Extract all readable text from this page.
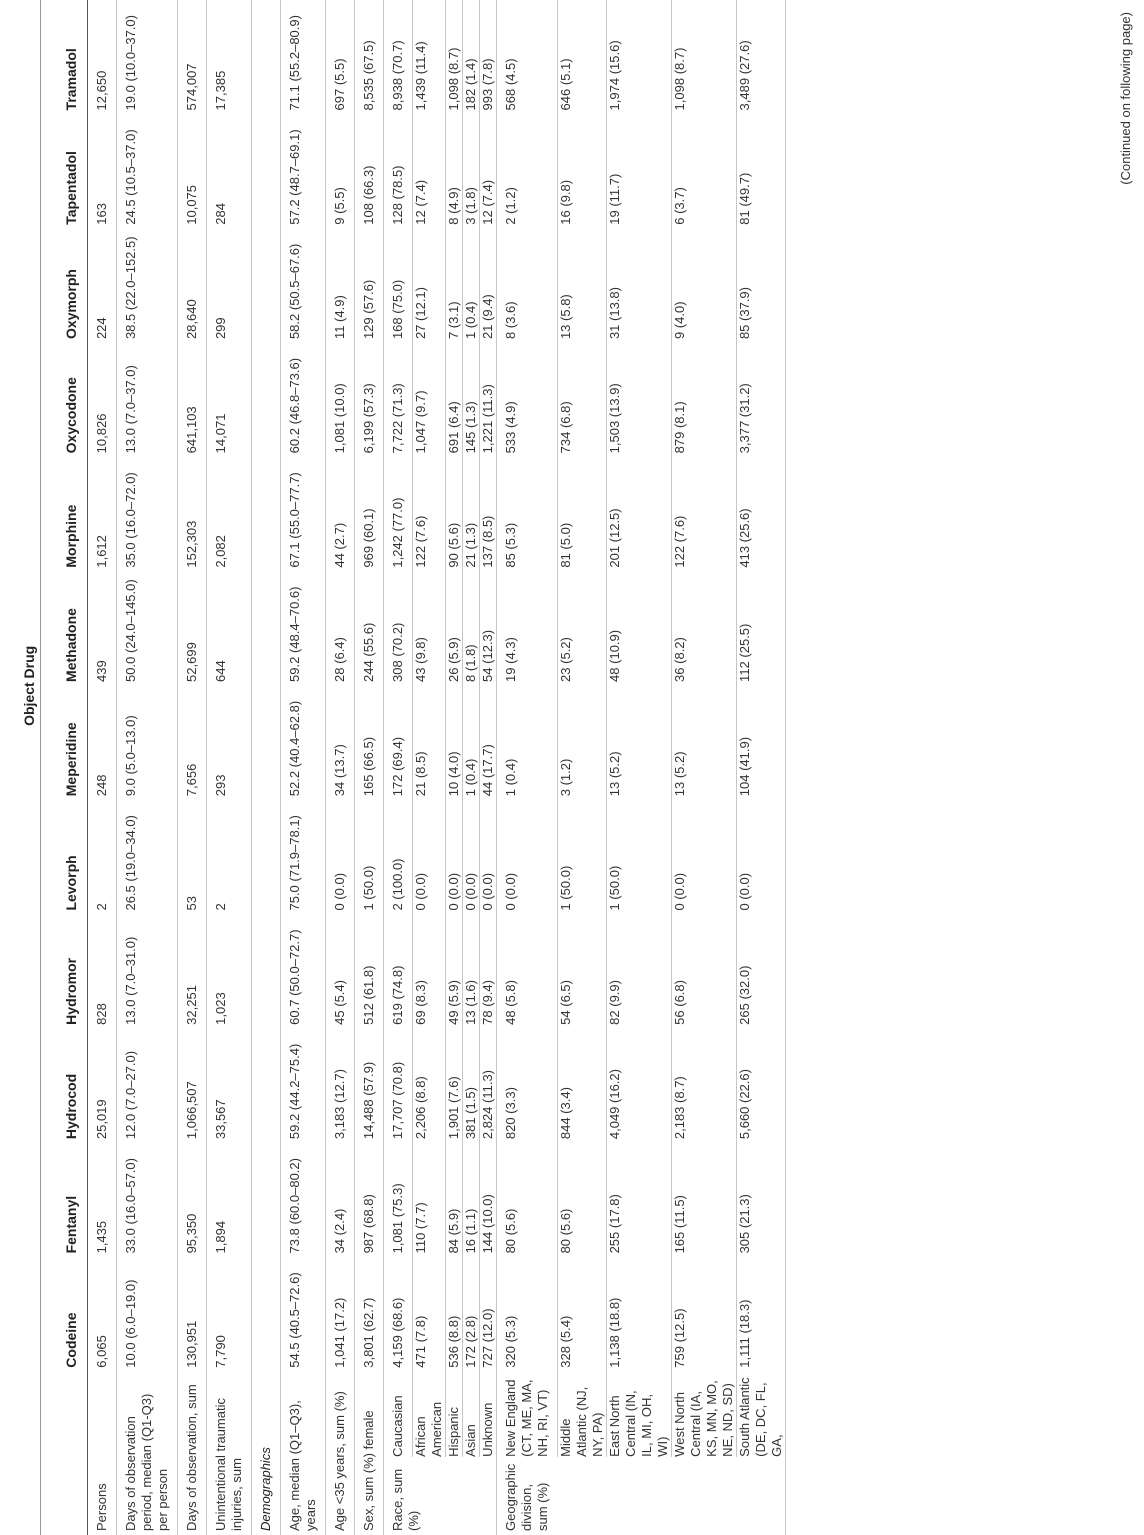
		Object Drug											
		Codeine	Fentanyl	Hydrocod	Hydromor	Levorph	Meperidine	Methadone	Morphine	Oxycodone	Oxymorph	Tapentadol	Tramadol
Persons		6,065	1,435	25,019	828	2	248	439	1,612	10,826	224	163	12,650
Days of observation period, median (Q1-Q3) per person		10.0 (6.0–19.0)	33.0 (16.0–57.0)	12.0 (7.0–27.0)	13.0 (7.0–31.0)	26.5 (19.0–34.0)	9.0 (5.0–13.0)	50.0 (24.0–145.0)	35.0 (16.0–72.0)	13.0 (7.0–37.0)	38.5 (22.0–152.5)	24.5 (10.5–37.0)	19.0 (10.0–37.0)
Days of observation, sum		130,951	95,350	1,066,507	32,251	53	7,656	52,699	152,303	641,103	28,640	10,075	574,007
Unintentional traumatic injuries, sum		7,790	1,894	33,567	1,023	2	293	644	2,082	14,071	299	284	17,385
Demographics													
Age, median (Q1–Q3), years		54.5 (40.5–72.6)	73.8 (60.0–80.2)	59.2 (44.2–75.4)	60.7 (50.0–72.7)	75.0 (71.9–78.1)	52.2 (40.4–62.8)	59.2 (48.4–70.6)	67.1 (55.0–77.7)	60.2 (46.8–73.6)	58.2 (50.5–67.6)	57.2 (48.7–69.1)	71.1 (55.2–80.9)
Age <35 years, sum (%)		1,041 (17.2)	34 (2.4)	3,183 (12.7)	45 (5.4)	0 (0.0)	34 (13.7)	28 (6.4)	44 (2.7)	1,081 (10.0)	11 (4.9)	9 (5.5)	697 (5.5)
Sex, sum (%) female		3,801 (62.7)	987 (68.8)	14,488 (57.9)	512 (61.8)	1 (50.0)	165 (66.5)	244 (55.6)	969 (60.1)	6,199 (57.3)	129 (57.6)	108 (66.3)	8,535 (67.5)
Race, sum (%)	Caucasian	4,159 (68.6)	1,081 (75.3)	17,707 (70.8)	619 (74.8)	2 (100.0)	172 (69.4)	308 (70.2)	1,242 (77.0)	7,722 (71.3)	168 (75.0)	128 (78.5)	8,938 (70.7)
	African American	471 (7.8)	110 (7.7)	2,206 (8.8)	69 (8.3)	0 (0.0)	21 (8.5)	43 (9.8)	122 (7.6)	1,047 (9.7)	27 (12.1)	12 (7.4)	1,439 (11.4)
	Hispanic	536 (8.8)	84 (5.9)	1,901 (7.6)	49 (5.9)	0 (0.0)	10 (4.0)	26 (5.9)	90 (5.6)	691 (6.4)	7 (3.1)	8 (4.9)	1,098 (8.7)
	Asian	172 (2.8)	16 (1.1)	381 (1.5)	13 (1.6)	0 (0.0)	1 (0.4)	8 (1.8)	21 (1.3)	145 (1.3)	1 (0.4)	3 (1.8)	182 (1.4)
	Unknown	727 (12.0)	144 (10.0)	2,824 (11.3)	78 (9.4)	0 (0.0)	44 (17.7)	54 (12.3)	137 (8.5)	1,221 (11.3)	21 (9.4)	12 (7.4)	993 (7.8)
Geographic division, sum (%)	New England (CT, ME, MA, NH, RI, VT)	320 (5.3)	80 (5.6)	820 (3.3)	48 (5.8)	0 (0.0)	1 (0.4)	19 (4.3)	85 (5.3)	533 (4.9)	8 (3.6)	2 (1.2)	568 (4.5)
	Middle Atlantic (NJ, NY, PA)	328 (5.4)	80 (5.6)	844 (3.4)	54 (6.5)	1 (50.0)	3 (1.2)	23 (5.2)	81 (5.0)	734 (6.8)	13 (5.8)	16 (9.8)	646 (5.1)
	East North Central (IN, IL, MI, OH, WI)	1,138 (18.8)	255 (17.8)	4,049 (16.2)	82 (9.9)	1 (50.0)	13 (5.2)	48 (10.9)	201 (12.5)	1,503 (13.9)	31 (13.8)	19 (11.7)	1,974 (15.6)
	West North Central (IA, KS, MN, MO, NE, ND, SD)	759 (12.5)	165 (11.5)	2,183 (8.7)	56 (6.8)	0 (0.0)	13 (5.2)	36 (8.2)	122 (7.6)	879 (8.1)	9 (4.0)	6 (3.7)	1,098 (8.7)
	South Atlantic (DE, DC, FL, GA,	1,111 (18.3)	305 (21.3)	5,660 (22.6)	265 (32.0)	0 (0.0)	104 (41.9)	112 (25.5)	413 (25.6)	3,377 (31.2)	85 (37.9)	81 (49.7)	3,489 (27.6)	(Continued on following page)
